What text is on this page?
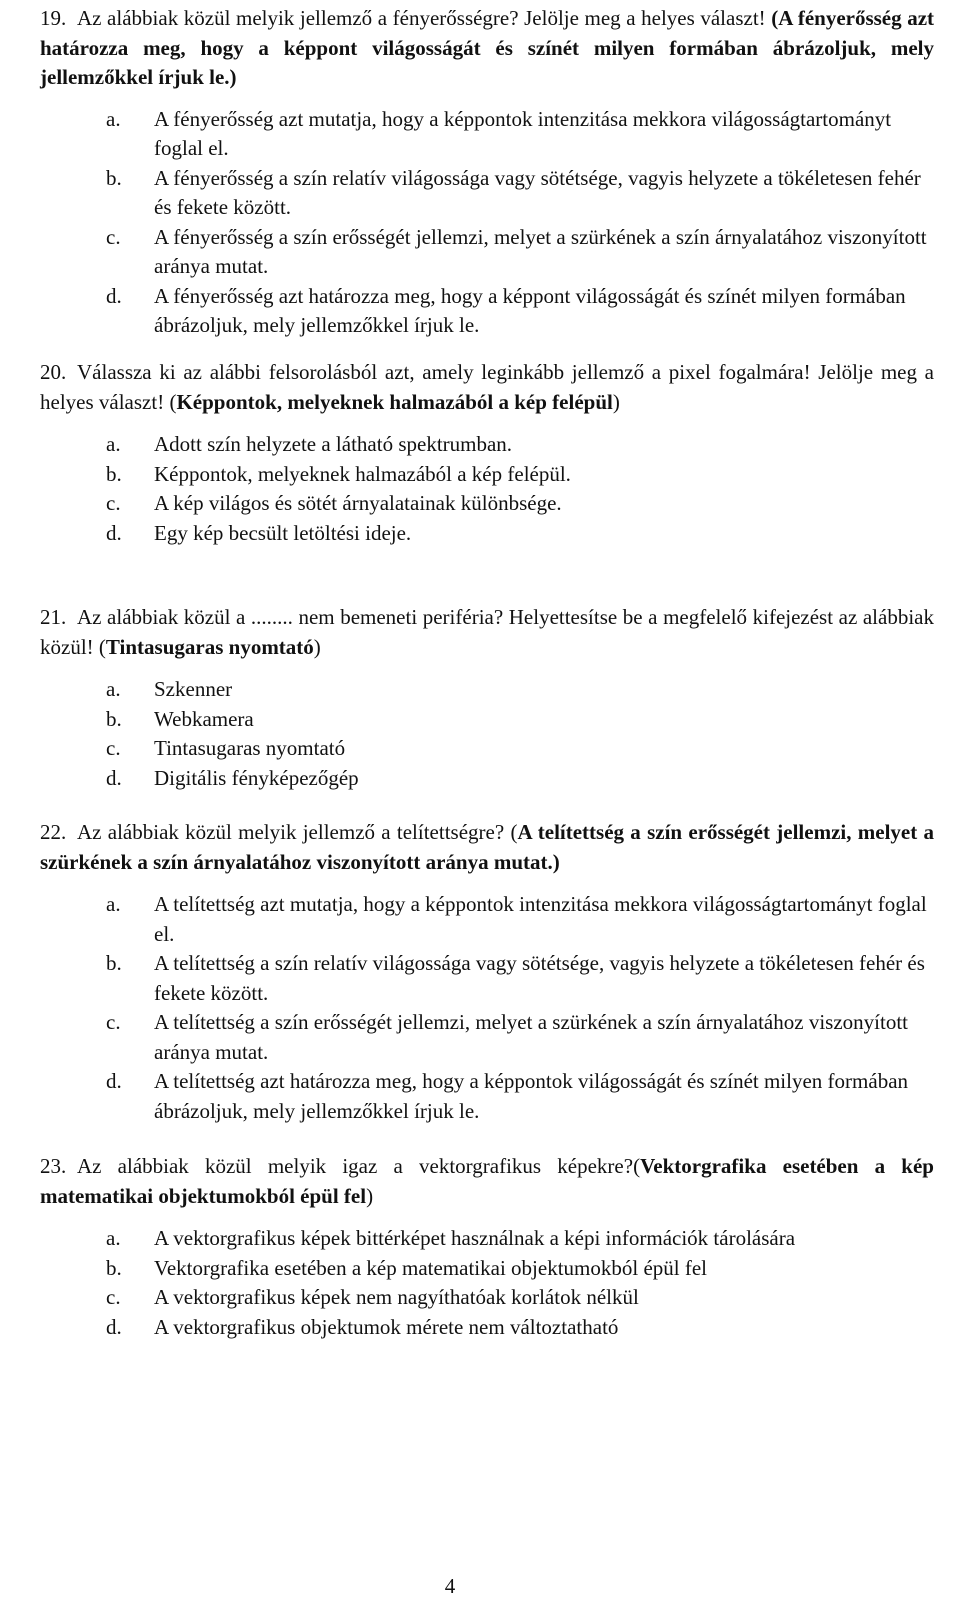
19. Az alábbiak közül melyik jellemző a fényerősségre? Jelölje meg a helyes választ! (A fényerősség azt határozza meg, hogy a képpont világosságát és színét milyen formában ábrázoljuk, mely jellemzőkkel írjuk le.)

a. A fényerősség azt mutatja, hogy a képpontok intenzitása mekkora világosságtartományt foglal el.
b. A fényerősség a szín relatív világossága vagy sötétsége, vagyis helyzete a tökéletesen fehér és fekete között.
c. A fényerősség a szín erősségét jellemzi, melyet a szürkének a szín árnyalatához viszonyított aránya mutat.
d. A fényerősség azt határozza meg, hogy a képpont világosságát és színét milyen formában ábrázoljuk, mely jellemzőkkel írjuk le.

20. Válassza ki az alábbi felsorolásból azt, amely leginkább jellemző a pixel fogalmára! Jelölje meg a helyes választ! (Képpontok, melyeknek halmazából a kép felépül)

a. Adott szín helyzete a látható spektrumban.
b. Képpontok, melyeknek halmazából a kép felépül.
c. A kép világos és sötét árnyalatainak különbsége.
d. Egy kép becsült letöltési ideje.

21. Az alábbiak közül a ........ nem bemeneti periféria? Helyettesítse be a megfelelő kifejezést az alábbiak közül! (Tintasugaras nyomtató)

a. Szkenner
b. Webkamera
c. Tintasugaras nyomtató
d. Digitális fényképezőgép

22. Az alábbiak közül melyik jellemző a telítettségre? (A telítettség a szín erősségét jellemzi, melyet a szürkének a szín árnyalatához viszonyított aránya mutat.)

a. A telítettség azt mutatja, hogy a képpontok intenzitása mekkora világosságtartományt foglal el.
b. A telítettség a szín relatív világossága vagy sötétsége, vagyis helyzete a tökéletesen fehér és fekete között.
c. A telítettség a szín erősségét jellemzi, melyet a szürkének a szín árnyalatához viszonyított aránya mutat.
d. A telítettség azt határozza meg, hogy a képpontok világosságát és színét milyen formában ábrázoljuk, mely jellemzőkkel írjuk le.

23. Az alábbiak közül melyik igaz a vektorgrafikus képekre?(Vektorgrafika esetében a kép matematikai objektumokból épül fel)

a. A vektorgrafikus képek bittérképet használnak a képi információk tárolására
b. Vektorgrafika esetében a kép matematikai objektumokból épül fel
c. A vektorgrafikus képek nem nagyíthatóak korlátok nélkül
d. A vektorgrafikus objektumok mérete nem változtatható
4
